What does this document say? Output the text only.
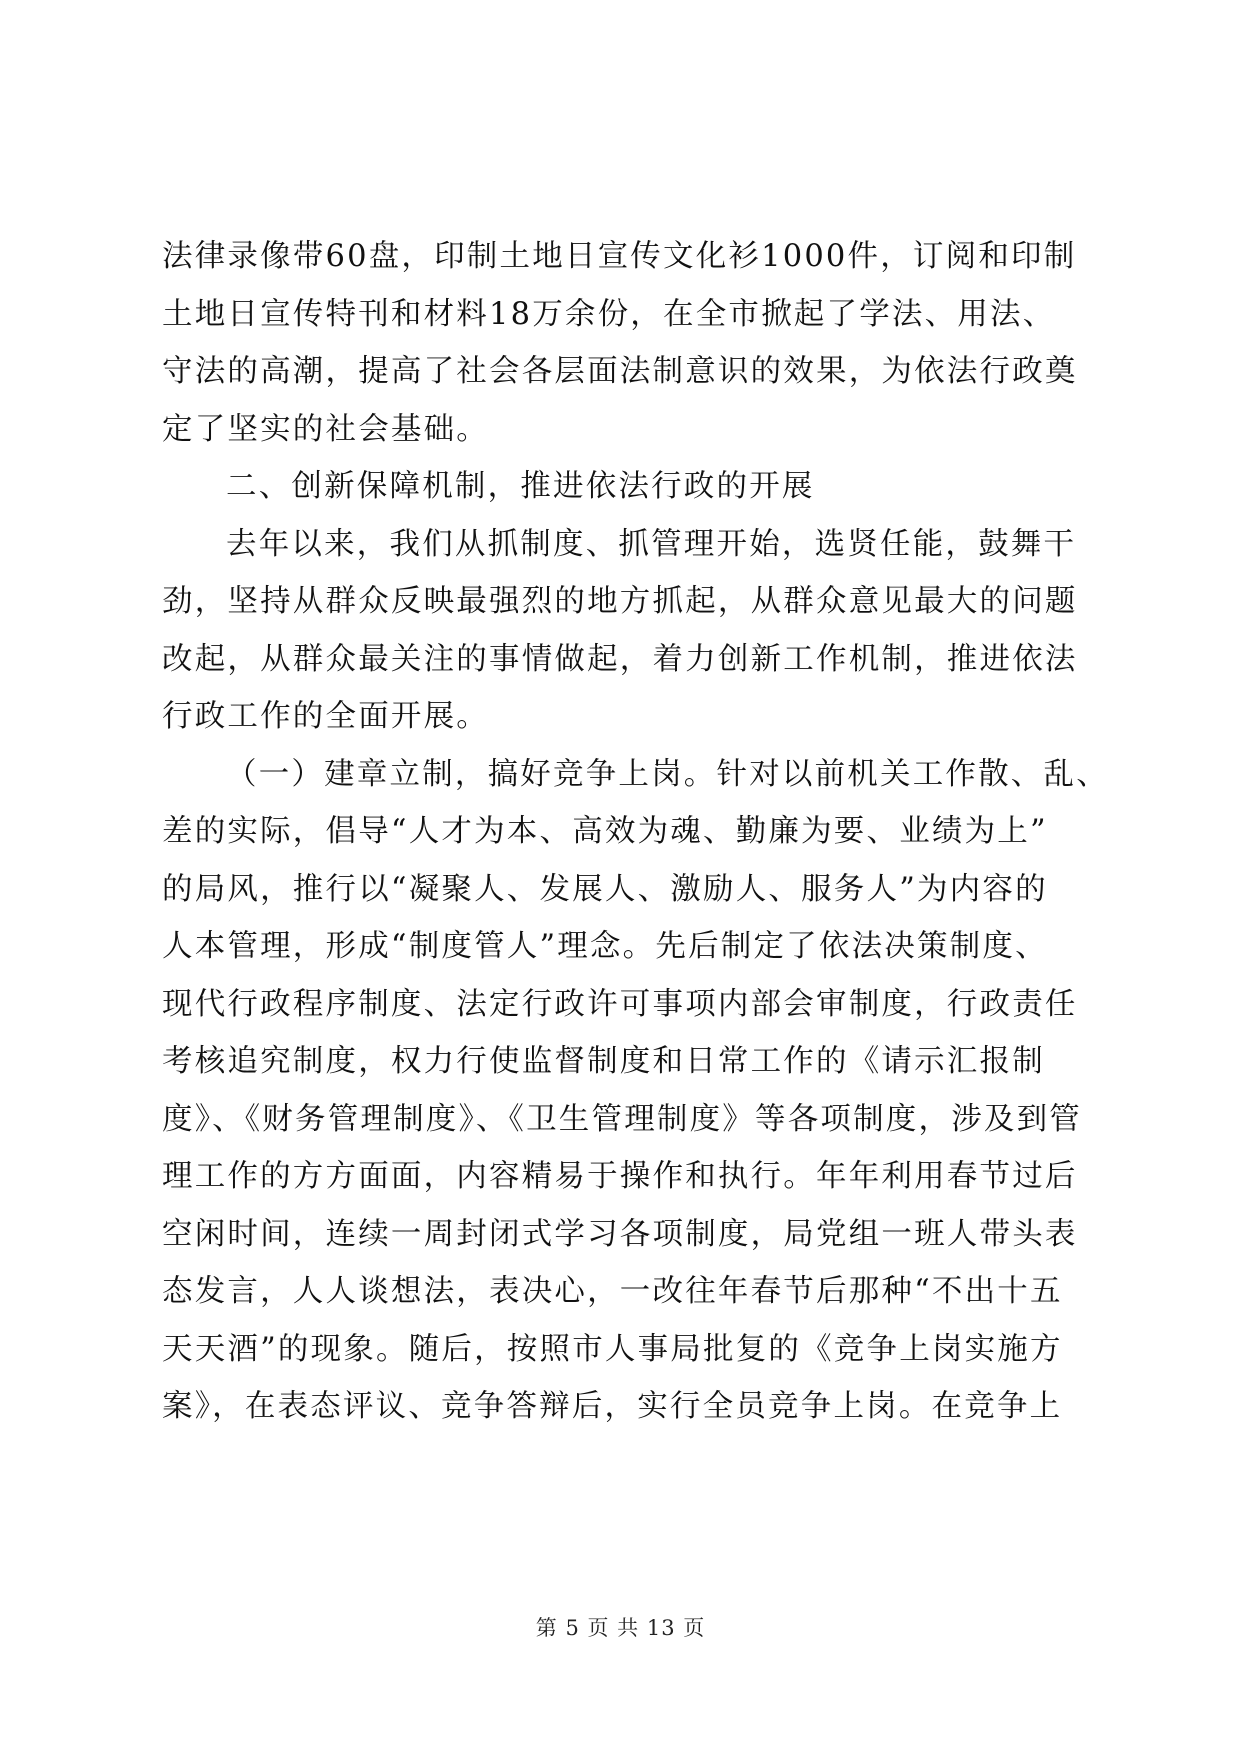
法律录像带60盘，印制土地日宣传文化衫1000件，订阅和印制
土地日宣传特刊和材料18万余份，在全市掀起了学法、用法、
守法的高潮，提高了社会各层面法制意识的效果，为依法行政奠
定了坚实的社会基础。
二、创新保障机制，推进依法行政的开展
去年以来，我们从抓制度、抓管理开始，选贤任能，鼓舞干
劲，坚持从群众反映最强烈的地方抓起，从群众意见最大的问题
改起，从群众最关注的事情做起，着力创新工作机制，推进依法
行政工作的全面开展。
（一）建章立制，搞好竞争上岗。针对以前机关工作散、乱、
差的实际，倡导“人才为本、高效为魂、勤廉为要、业绩为上”
的局风，推行以“凝聚人、发展人、激励人、服务人”为内容的
人本管理，形成“制度管人”理念。先后制定了依法决策制度、
现代行政程序制度、法定行政许可事项内部会审制度，行政责任
考核追究制度，权力行使监督制度和日常工作的《请示汇报制
度》、《财务管理制度》、《卫生管理制度》等各项制度，涉及到管
理工作的方方面面，内容精易于操作和执行。年年利用春节过后
空闲时间，连续一周封闭式学习各项制度，局党组一班人带头表
态发言，人人谈想法，表决心，一改往年春节后那种“不出十五
天天酒”的现象。随后，按照市人事局批复的《竞争上岗实施方
案》，在表态评议、竞争答辩后，实行全员竞争上岗。在竞争上
第 5 页 共 13 页
